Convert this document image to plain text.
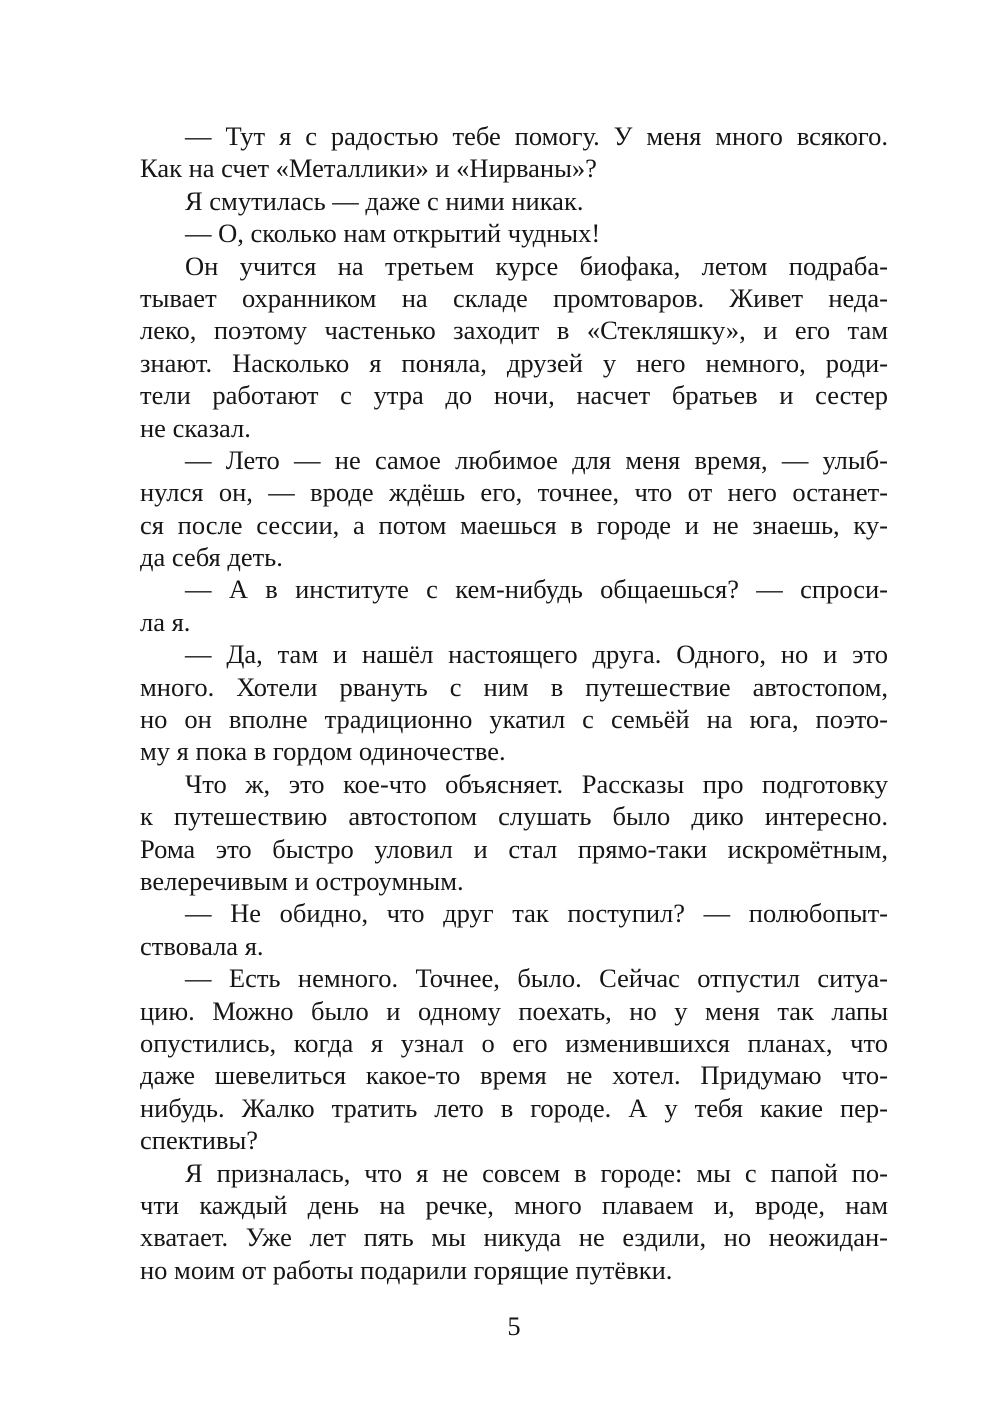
— Тут я с радостью тебе помогу. У меня много всякого.
Как на счет «Металлики» и «Нирваны»?
Я смутилась — даже с ними никак.
— О, сколько нам открытий чудных!
Он учится на третьем курсе биофака, летом подраба-
тывает охранником на складе промтоваров. Живет неда-
леко, поэтому частенько заходит в «Стекляшку», и его там
знают. Насколько я поняла, друзей у него немного, роди-
тели работают с утра до ночи, насчет братьев и сестер
не сказал.
— Лето — не самое любимое для меня время, — улыб-
нулся он, — вроде ждёшь его, точнее, что от него останет-
ся после сессии, а потом маешься в городе и не знаешь, ку-
да себя деть.
— А в институте с кем-нибудь общаешься? — спроси-
ла я.
— Да, там и нашёл настоящего друга. Одного, но и это
много. Хотели рвануть с ним в путешествие автостопом,
но он вполне традиционно укатил с семьёй на юга, поэто-
му я пока в гордом одиночестве.
Что ж, это кое-что объясняет. Рассказы про подготовку
к путешествию автостопом слушать было дико интересно.
Рома это быстро уловил и стал прямо-таки искромётным,
велеречивым и остроумным.
— Не обидно, что друг так поступил? — полюбопыт-
ствовала я.
— Есть немного. Точнее, было. Сейчас отпустил ситуа-
цию. Можно было и одному поехать, но у меня так лапы
опустились, когда я узнал о его изменившихся планах, что
даже шевелиться какое-то время не хотел. Придумаю что-
нибудь. Жалко тратить лето в городе. А у тебя какие пер-
спективы?
Я призналась, что я не совсем в городе: мы с папой по-
чти каждый день на речке, много плаваем и, вроде, нам
хватает. Уже лет пять мы никуда не ездили, но неожидан-
но моим от работы подарили горящие путёвки.
5
